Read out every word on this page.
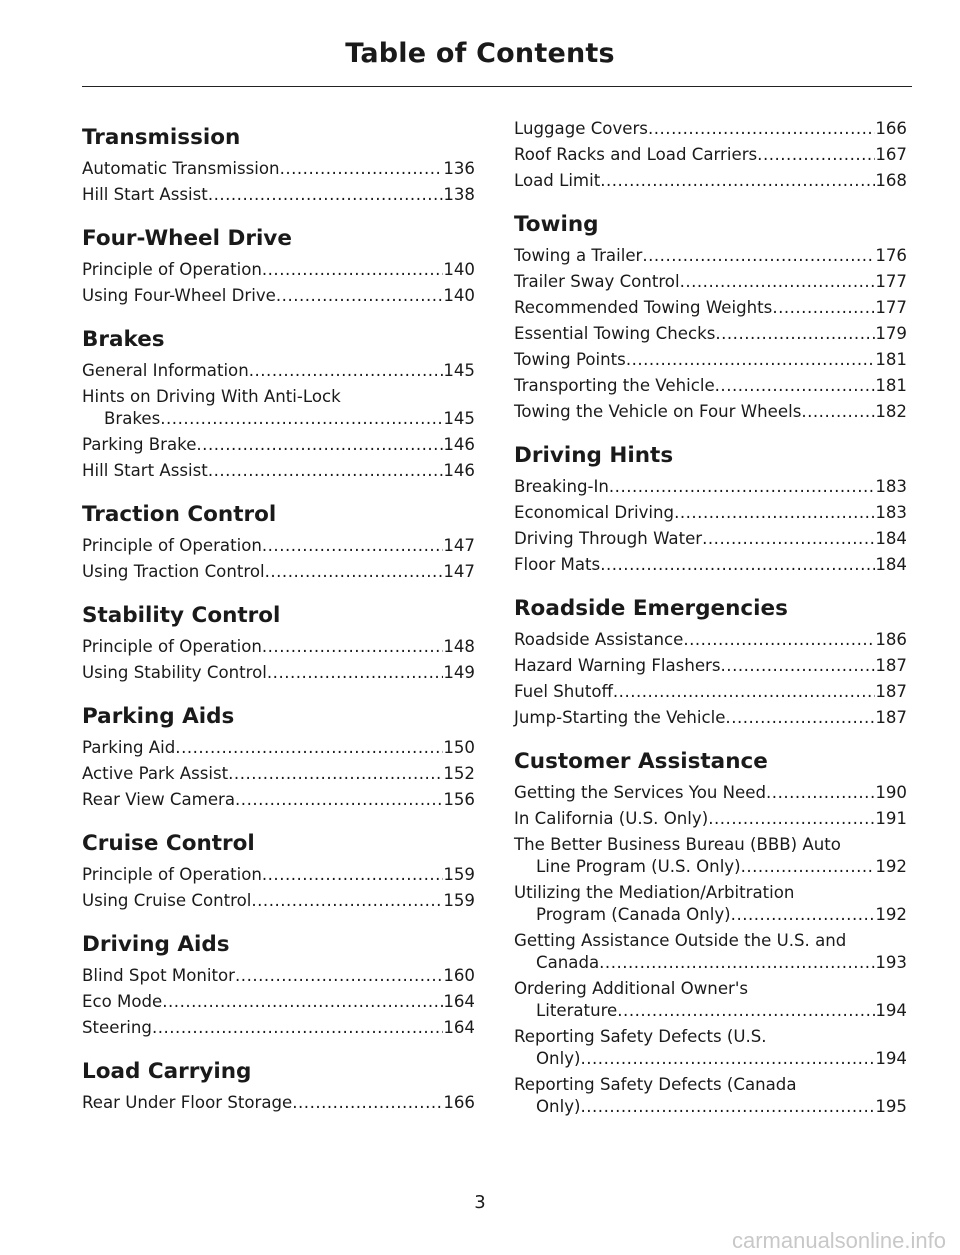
Table of Contents
Transmission
Automatic Transmission .....	136
Hill Start Assist .....	138
Four-Wheel Drive
Principle of Operation .....	140
Using Four-Wheel Drive .....	140
Brakes
General Information .....	145
Hints on Driving With Anti-Lock
Brakes .....	145
Parking Brake .....	146
Hill Start Assist .....	146
Traction Control
Principle of Operation .....	147
Using Traction Control .....	147
Stability Control
Principle of Operation .....	148
Using Stability Control .....	149
Parking Aids
Parking Aid .....	150
Active Park Assist .....	152
Rear View Camera .....	156
Cruise Control
Principle of Operation .....	159
Using Cruise Control .....	159
Driving Aids
Blind Spot Monitor .....	160
Eco Mode .....	164
Steering .....	164
Load Carrying
Rear Under Floor Storage .....	166
Luggage Covers .....	166
Roof Racks and Load Carriers .....	167
Load Limit .....	168
Towing
Towing a Trailer .....	176
Trailer Sway Control .....	177
Recommended Towing Weights .....	177
Essential Towing Checks .....	179
Towing Points .....	181
Transporting the Vehicle .....	181
Towing the Vehicle on Four Wheels .....	182
Driving Hints
Breaking-In .....	183
Economical Driving .....	183
Driving Through Water .....	184
Floor Mats .....	184
Roadside Emergencies
Roadside Assistance .....	186
Hazard Warning Flashers .....	187
Fuel Shutoff .....	187
Jump-Starting the Vehicle .....	187
Customer Assistance
Getting the Services You Need .....	190
In California (U.S. Only) .....	191
The Better Business Bureau (BBB) Auto
Line Program (U.S. Only) .....	192
Utilizing the Mediation/Arbitration
Program (Canada Only) .....	192
Getting Assistance Outside the U.S. and
Canada .....	193
Ordering Additional Owner's
Literature .....	194
Reporting Safety Defects (U.S.
Only) .....	194
Reporting Safety Defects (Canada
Only) .....	195
3
carmanualsonline.info
